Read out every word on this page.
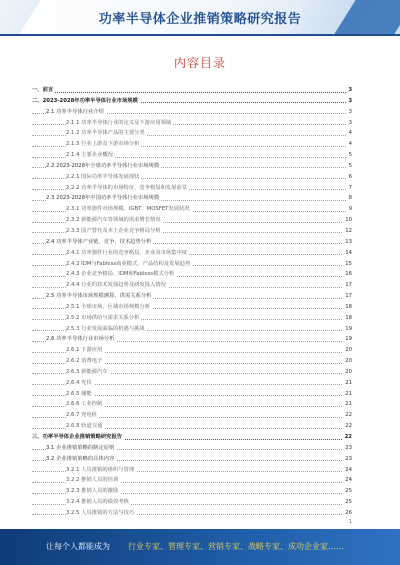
功率半导体企业推销策略研究报告
内容目录
一、前言	3
二、2023-2028年功率半导体行业市场规模	3
2.1 功率半导体行业介绍	3
2.1.1 功率半导体行业的定义及下游应用领域	3
2.1.2 功率半导体产品的主要分类	4
2.1.3 行业上游及下游市场分析	4
2.1.4 主要企业概况	5
2.2 2023-2028年全球功率半导体行业市场规模	5
2.2.1 国际功率半导体发展现状	6
2.2.2 功率半导体的市场特征、竞争格局和发展前景	7
2.3 2023-2028年中国功率半导体行业市场规模	8
2.3.1 功率器件市场规模、IGBT、MOSFET发展状况	9
2.3.2 新能源汽车等领域的需求增长情况	10
2.3.3 国产替代及本土企业竞争格局分析	12
2.4 功率半导体产业链、竞争、技术趋势分析	13
2.4.1 功率器件行业的竞争格局、企业及市场集中度	14
2.4.2 IDM与Fabless商业模式、产品结构及发展趋势	15
2.4.3 企业竞争格局、IDM和Fabless模式分析	16
2.4.4 行业的技术发展趋势及研发投入情况	17
2.5 功率半导体市场规模测算、供需关系分析	17
2.5.1 全球市场、区域市场规模分析	18
2.5.2 市场供给与需求关系分析	18
2.5.3 行业发展面临的机遇与挑战	19
2.6 功率半导体行业市场分析	19
2.6.1 下游应用	20
2.6.2 消费电子	20
2.6.3 新能源汽车	20
2.6.4 光伏	21
2.6.5 储能	21
2.6.6 工业控制	21
2.6.7 充电桩	22
2.6.8 轨道交通	22
三、功率半导体企业推销策略研究报告	22
3.1 企业推销策略的制定原则	23
3.2 企业推销策略的具体内容	23
3.2.1 人员推销的组织与管理	24
3.2.2 推销人员的培训	24
3.2.3 推销人员的激励	25
3.2.4 推销人员的绩效考核	25
3.2.5 人员推销的方法与技巧	26
1
让每个人都能成为 行业专家、管理专家、营销专家、战略专家、成功企业家……
